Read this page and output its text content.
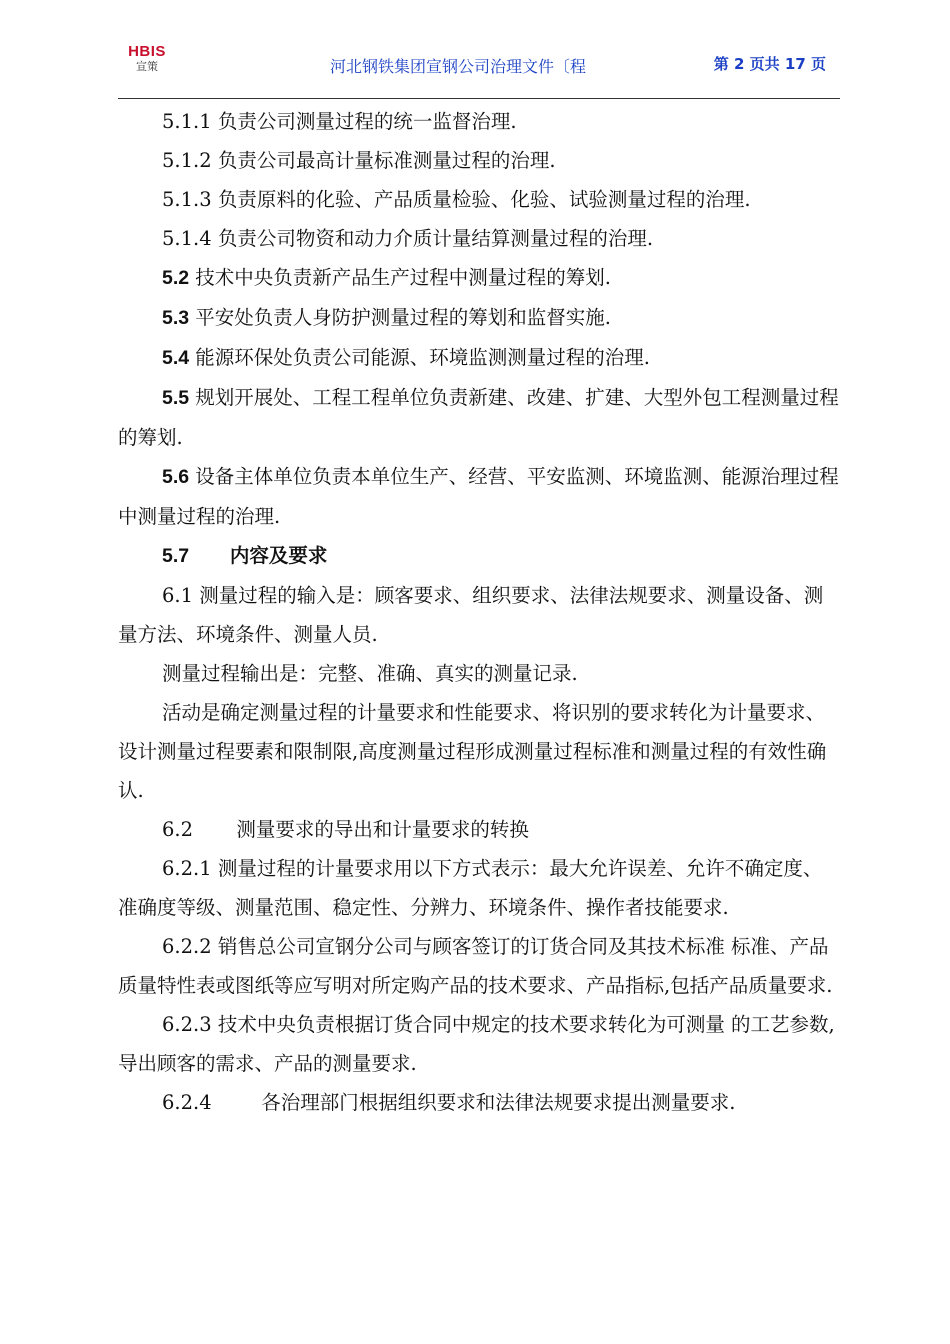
HBIS
宣策	河北钢铁集团宣钢公司治理文件〔程	第 2 页共 17 页

5.1.1 负责公司测量过程的统一监督治理.

5.1.2 负责公司最高计量标准测量过程的治理.

5.1.3 负责原料的化验、产品质量检验、化验、试验测量过程的治理.

5.1.4 负责公司物资和动力介质计量结算测量过程的治理.

5.2 技术中央负责新产品生产过程中测量过程的筹划.

5.3 平安处负责人身防护测量过程的筹划和监督实施.

5.4 能源环保处负责公司能源、环境监测测量过程的治理.

5.5 规划开展处、工程工程单位负责新建、改建、扩建、大型外包工程测量过程的筹划.

5.6 设备主体单位负责本单位生产、经营、平安监测、环境监测、能源治理过程中测量过程的治理.

5.7      内容及要求

6.1 测量过程的输入是：顾客要求、组织要求、法律法规要求、测量设备、测量方法、环境条件、测量人员.

测量过程输出是：完整、准确、真实的测量记录.

活动是确定测量过程的计量要求和性能要求、将识别的要求转化为计量要求、设计测量过程要素和限制限,高度测量过程形成测量过程标准和测量过程的有效性确认.

6.2       测量要求的导出和计量要求的转换

6.2.1 测量过程的计量要求用以下方式表示：最大允许误差、允许不确定度、准确度等级、测量范围、稳定性、分辨力、环境条件、操作者技能要求.

6.2.2 销售总公司宣钢分公司与顾客签订的订货合同及其技术标准 标准、产品质量特性表或图纸等应写明对所定购产品的技术要求、产品指标,包括产品质量要求.

6.2.3 技术中央负责根据订货合同中规定的技术要求转化为可测量 的工艺参数,导出顾客的需求、产品的测量要求.

6.2.4        各治理部门根据组织要求和法律法规要求提出测量要求.
